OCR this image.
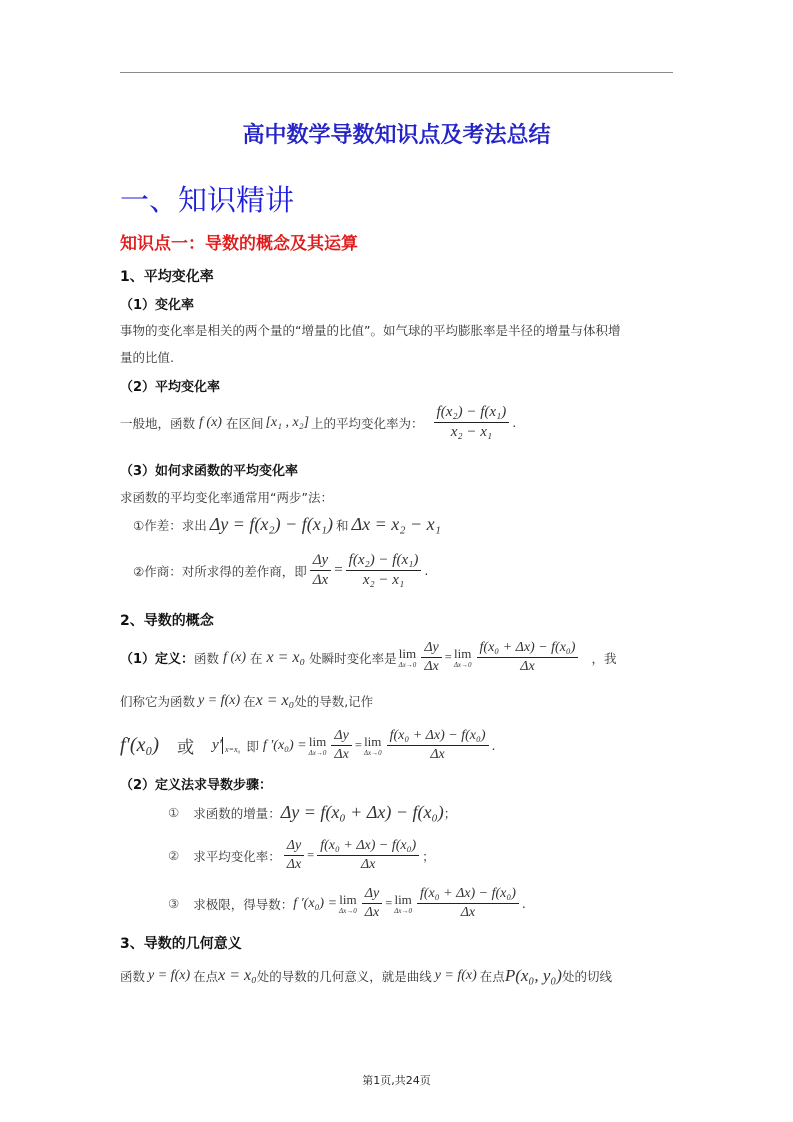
高中数学导数知识点及考法总结
一、知识精讲
知识点一：导数的概念及其运算
1、平均变化率
（1）变化率
事物的变化率是相关的两个量的“增量的比值”。如气球的平均膨胀率是半径的增量与体积增
量的比值.
（2）平均变化率
一般地，函数 f (x) 在区间 [x₁ , x₂] 上的平均变化率为： $\frac{\text{f(x₂) − f(x₁)}}{\text{x₂ − x₁}}$ .
（3）如何求函数的平均变化率
求函数的平均变化率通常用“两步”法：
①作差：求出 Δy = f(x₂) − f(x₁) 和 Δx = x₂ − x₁
②作商：对所求得的差作商，即 $\frac{\Delta y}{\Delta x} = \frac{\text{f(x₂) − f(x₁)}}{\text{x₂ − x₁}}$ .
2、导数的概念
（1）定义： 函数 f (x) 在 x = x₀ 处瞬时变化率是 lim
$\Delta x\to 0 \frac{\Delta y}{\Delta x} = \lim$
$\Delta x\to 0 \frac{\text{f(x₀ + Δx) − f(x₀)}}{\Delta x}$ ，我
们称它为函数 y = f(x) 在 x = x₀ 处的导数,记作
f′(x₀) 或 y′ x=x₀ 即 f ′(x₀) = lim
$\Delta x\to 0 \frac{\Delta y}{\Delta x} = \lim$
$\Delta x\to 0 \frac{\text{f(x₀ + Δx) − f(x₀)}}{\Delta x}$ .
（2）定义法求导数步骤：
① 求函数的增量： Δy = f(x₀ + Δx) − f(x₀) ；
② 求平均变化率： $\frac{\Delta y}{\Delta x} = \frac{\text{f(x₀ + Δx) − f(x₀)}}{\Delta x}$ ；
③ 求极限，得导数： f ′(x₀) = lim
$\Delta x\to 0 \frac{\Delta y}{\Delta x} = \lim$
$\Delta x\to 0 \frac{\text{f(x₀ + Δx) − f(x₀)}}{\Delta x}$ .
3、导数的几何意义
函数 y = f(x) 在点 x = x₀ 处的导数的几何意义，就是曲线 y = f(x) 在点 P(x₀, y₀) 处的切线
第1页,共24页
